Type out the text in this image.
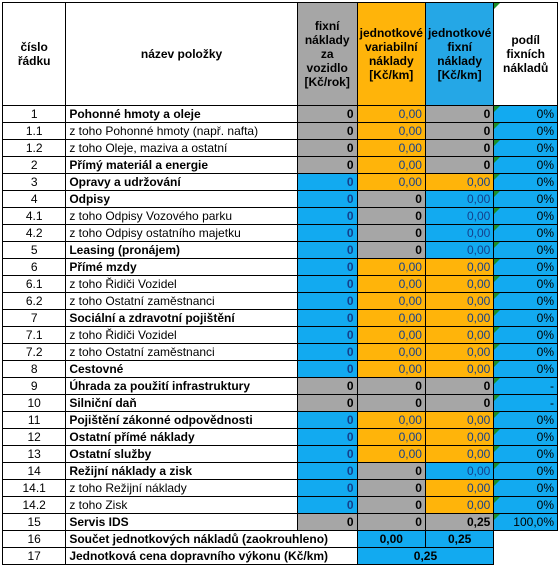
číslo řádku	název položky	fixní náklady za vozidlo [Kč/rok]	jednotkové variabilní náklady [Kč/km]	jednotkové fixní náklady [Kč/km]	podíl fixních nákladů
1	Pohonné hmoty a oleje	0	0,00	0	0%
1.1	z toho Pohonné hmoty (např. nafta)	0	0,00	0	0%
1.2	z toho Oleje, maziva a ostatní	0	0,00	0	0%
2	Přímý materiál a energie	0	0,00	0	0%
3	Opravy a udržování	0	0,00	0,00	0%
4	Odpisy	0	0	0,00	0%
4.1	z toho Odpisy Vozového parku	0	0	0,00	0%
4.2	z toho Odpisy ostatního majetku	0	0	0,00	0%
5	Leasing (pronájem)	0	0	0,00	0%
6	Přímé mzdy	0	0,00	0,00	0%
6.1	z toho Řidiči Vozidel	0	0,00	0,00	0%
6.2	z toho Ostatní zaměstnanci	0	0,00	0,00	0%
7	Sociální a zdravotní pojištění	0	0,00	0,00	0%
7.1	z toho Řidiči Vozidel	0	0,00	0,00	0%
7.2	z toho Ostatní zaměstnanci	0	0,00	0,00	0%
8	Cestovné	0	0,00	0,00	0%
9	Úhrada za použití infrastruktury	0	0	0	-
10	Silniční daň	0	0	0	-
11	Pojištění zákonné odpovědnosti	0	0,00	0,00	0%
12	Ostatní přímé náklady	0	0,00	0,00	0%
13	Ostatní služby	0	0,00	0,00	0%
14	Režijní náklady a zisk	0	0	0,00	0%
14.1	z toho Režijní náklady	0	0	0,00	0%
14.2	z toho Zisk	0	0	0,00	0%
15	Servis IDS	0	0	0,25	100,0%
16	Součet jednotkových nákladů (zaokrouhleno)		0,00	0,25	
17	Jednotková cena dopravního výkonu (Kč/km)		0,25		
